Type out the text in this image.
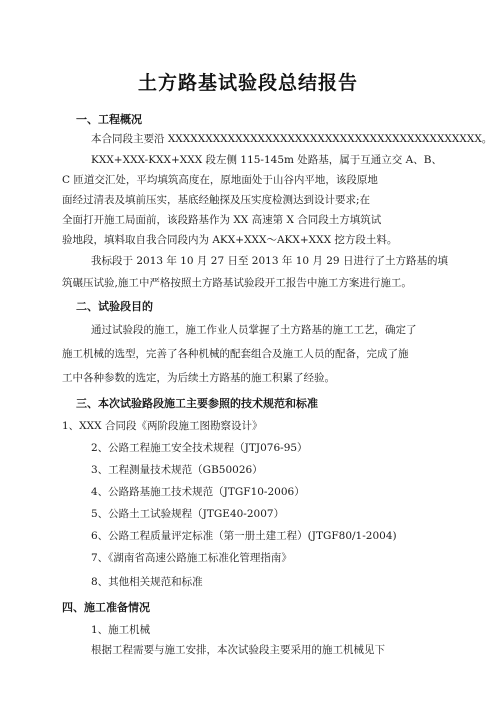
土方路基试验段总结报告
一、工程概况
本合同段主要沿 XXXXXXXXXXXXXXXXXXXXXXXXXXXXXXXXXXXXXXXXXX。
KXX+XXX-KXX+XXX 段左侧 115-145m 处路基，属于互通立交 A、B、
C 匝道交汇处，平均填筑高度在，原地面处于山谷内平地，该段原地
面经过清表及填前压实，基底经触探及压实度检测达到设计要求;在
全面打开施工局面前，该段路基作为 XX 高速第 X 合同段土方填筑试
验地段，填料取自我合同段内为 AKX+XXX～AKX+XXX 挖方段土料。
我标段于 2013 年 10 月 27 日至 2013 年 10 月 29 日进行了土方路基的填
筑碾压试验,施工中严格按照土方路基试验段开工报告中施工方案进行施工。
二、试验段目的
通过试验段的施工，施工作业人员掌握了土方路基的施工工艺，确定了
施工机械的选型，完善了各种机械的配套组合及施工人员的配备，完成了施
工中各种参数的选定，为后续土方路基的施工积累了经验。
三、本次试验路段施工主要参照的技术规范和标准
1、XXX 合同段《两阶段施工图勘察设计》
2、公路工程施工安全技术规程（JTJ076-95）
3、工程测量技术规范（GB50026）
4、公路路基施工技术规范（JTGF10-2006）
5、公路土工试验规程（JTGE40-2007）
6、公路工程质量评定标准（第一册土建工程）(JTGF80/1-2004)
7、《湖南省高速公路施工标准化管理指南》
8、其他相关规范和标准
四、施工准备情况
1、施工机械
根据工程需要与施工安排，本次试验段主要采用的施工机械见下
